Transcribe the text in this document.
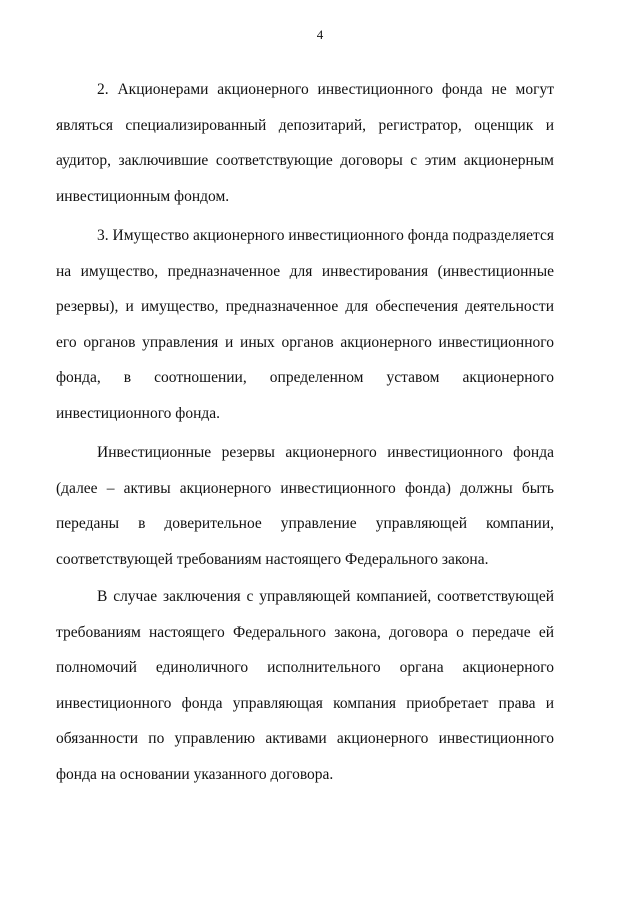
4
2. Акционерами акционерного инвестиционного фонда не могут
являться специализированный депозитарий, регистратор, оценщик и
аудитор, заключившие соответствующие договоры с этим акционерным
инвестиционным фондом.
3. Имущество акционерного инвестиционного фонда подразделяется
на имущество, предназначенное для инвестирования (инвестиционные
резервы), и имущество, предназначенное для обеспечения деятельности
его органов управления и иных органов акционерного инвестиционного
фонда, в соотношении, определенном уставом акционерного
инвестиционного фонда.
Инвестиционные резервы акционерного инвестиционного фонда
(далее – активы акционерного инвестиционного фонда) должны быть
переданы в доверительное управление управляющей компании,
соответствующей требованиям настоящего Федерального закона.
В случае заключения с управляющей компанией, соответствующей
требованиям настоящего Федерального закона, договора о передаче ей
полномочий единоличного исполнительного органа акционерного
инвестиционного фонда управляющая компания приобретает права и
обязанности по управлению активами акционерного инвестиционного
фонда на основании указанного договора.
